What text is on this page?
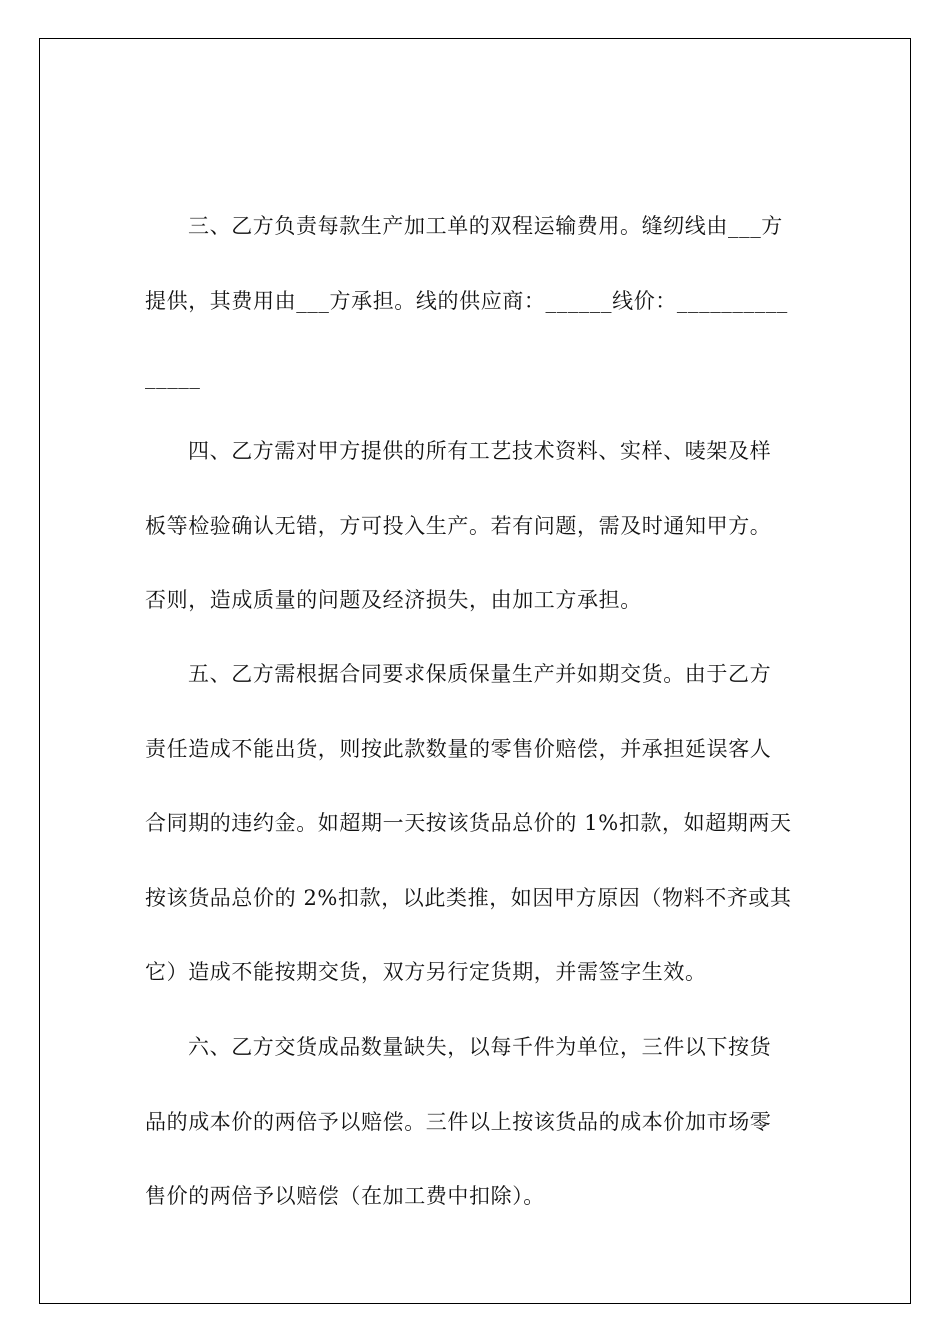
三、乙方负责每款生产加工单的双程运输费用。缝纫线由___方
提供，其费用由___方承担。线的供应商：______线价：__________
_____
四、乙方需对甲方提供的所有工艺技术资料、实样、唛架及样
板等检验确认无错，方可投入生产。若有问题，需及时通知甲方。
否则，造成质量的问题及经济损失，由加工方承担。
五、乙方需根据合同要求保质保量生产并如期交货。由于乙方
责任造成不能出货，则按此款数量的零售价赔偿，并承担延误客人
合同期的违约金。如超期一天按该货品总价的 1%扣款，如超期两天
按该货品总价的 2%扣款，以此类推，如因甲方原因（物料不齐或其
它）造成不能按期交货，双方另行定货期，并需签字生效。
六、乙方交货成品数量缺失，以每千件为单位，三件以下按货
品的成本价的两倍予以赔偿。三件以上按该货品的成本价加市场零
售价的两倍予以赔偿（在加工费中扣除）。
